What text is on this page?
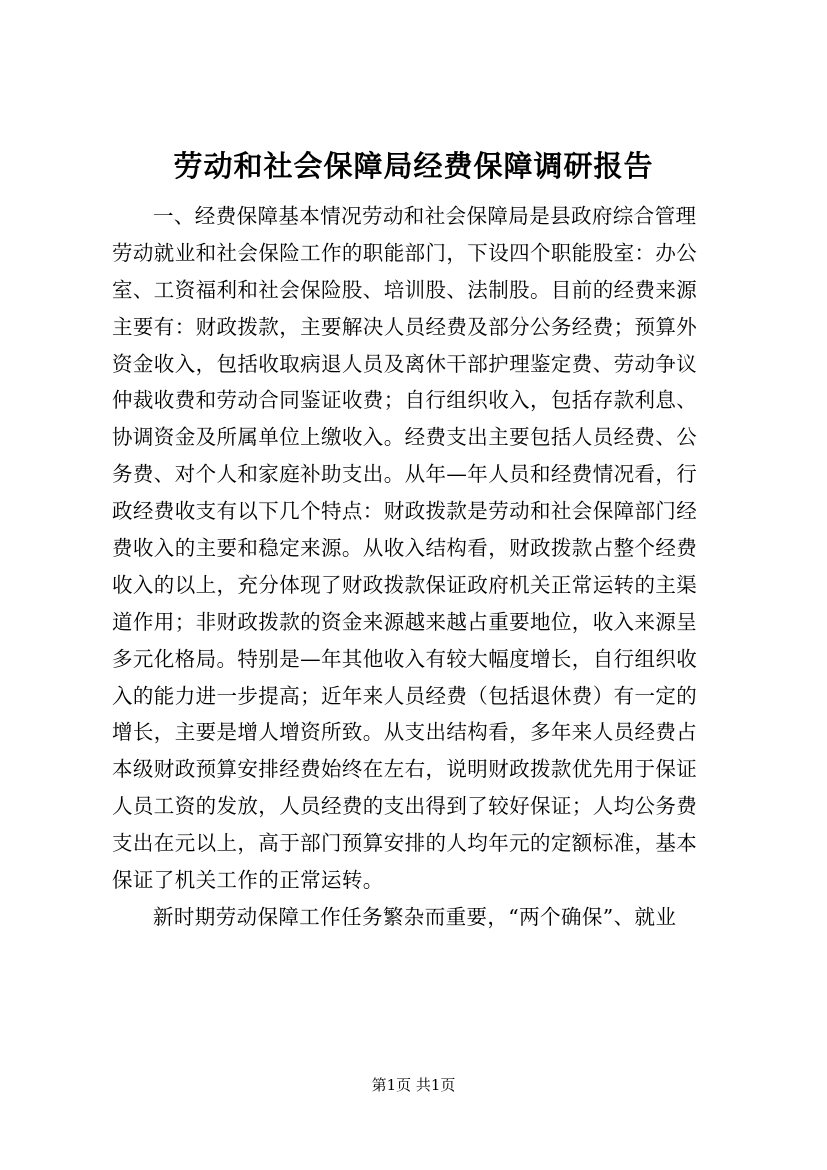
劳动和社会保障局经费保障调研报告
一、经费保障基本情况劳动和社会保障局是县政府综合管理
劳动就业和社会保险工作的职能部门，下设四个职能股室：办公
室、工资福利和社会保险股、培训股、法制股。目前的经费来源
主要有：财政拨款，主要解决人员经费及部分公务经费；预算外
资金收入，包括收取病退人员及离休干部护理鉴定费、劳动争议
仲裁收费和劳动合同鉴证收费；自行组织收入，包括存款利息、
协调资金及所属单位上缴收入。经费支出主要包括人员经费、公
务费、对个人和家庭补助支出。从年—年人员和经费情况看，行
政经费收支有以下几个特点：财政拨款是劳动和社会保障部门经
费收入的主要和稳定来源。从收入结构看，财政拨款占整个经费
收入的以上，充分体现了财政拨款保证政府机关正常运转的主渠
道作用；非财政拨款的资金来源越来越占重要地位，收入来源呈
多元化格局。特别是—年其他收入有较大幅度增长，自行组织收
入的能力进一步提高；近年来人员经费（包括退休费）有一定的
增长，主要是增人增资所致。从支出结构看，多年来人员经费占
本级财政预算安排经费始终在左右，说明财政拨款优先用于保证
人员工资的发放，人员经费的支出得到了较好保证；人均公务费
支出在元以上，高于部门预算安排的人均年元的定额标准，基本
保证了机关工作的正常运转。
新时期劳动保障工作任务繁杂而重要，“两个确保”、就业
第1页 共1页
